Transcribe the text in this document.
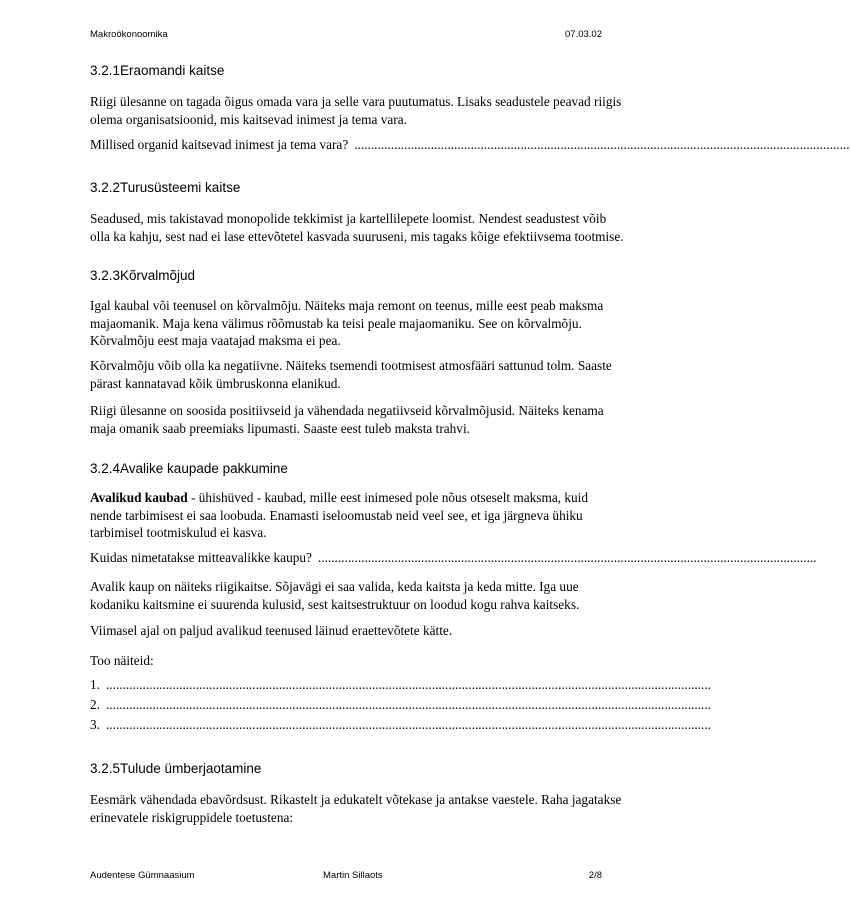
Makroökonoomika	07.03.02
3.2.1Eraomandi kaitse
Riigi ülesanne on tagada õigus omada vara ja selle vara puutumatus. Lisaks seadustele peavad riigis
olema organisatsioonid, mis kaitsevad inimest ja tema vara.
Millised organid kaitsevad inimest ja tema vara? .....................................................................................................................................................
3.2.2Turusüsteemi kaitse
Seadused, mis takistavad monopolide tekkimist ja kartellilepete loomist. Nendest seadustest võib
olla ka kahju, sest nad ei lase ettevõtetel kasvada suuruseni, mis tagaks kõige efektiivsema tootmise.
3.2.3Kõrvalmõjud
Igal kaubal või teenusel on kõrvalmõju. Näiteks maja remont on teenus, mille eest peab maksma
majaomanik. Maja kena välimus rõõmustab ka teisi peale majaomaniku. See on kõrvalmõju.
Kõrvalmõju eest maja vaatajad maksma ei pea.
Kõrvalmõju võib olla ka negatiivne. Näiteks tsemendi tootmisest atmosfääri sattunud tolm. Saaste
pärast kannatavad kõik ümbruskonna elanikud.
Riigi ülesanne on soosida positiivseid ja vähendada negatiivseid kõrvalmõjusid. Näiteks kenama
maja omanik saab preemiaks lipumasti. Saaste eest tuleb maksta trahvi.
3.2.4Avalike kaupade pakkumine
Avalikud kaubad - ühishüved - kaubad, mille eest inimesed pole nõus otseselt maksma, kuid
nende tarbimisest ei saa loobuda. Enamasti iseloomustab neid veel see, et iga järgneva ühiku
tarbimisel tootmiskulud ei kasva.
Kuidas nimetatakse mitteavalikke kaupu? ......................................................................................................................................................
Avalik kaup on näiteks riigikaitse. Sõjavägi ei saa valida, keda kaitsta ja keda mitte. Iga uue
kodaniku kaitsmine ei suurenda kulusid, sest kaitsestruktuur on loodud kogu rahva kaitseks.
Viimasel ajal on paljud avalikud teenused läinud eraettevõtete kätte.
Too näiteid:
1. ......................................................................................................................................................................................
2. ......................................................................................................................................................................................
3. ......................................................................................................................................................................................
3.2.5Tulude ümberjaotamine
Eesmärk vähendada ebavõrdsust. Rikastelt ja edukatelt võtekase ja antakse vaestele. Raha jagatakse
erinevatele riskigruppidele toetustena:
Audentese Gümnaasium	Martin Sillaots	2/8
